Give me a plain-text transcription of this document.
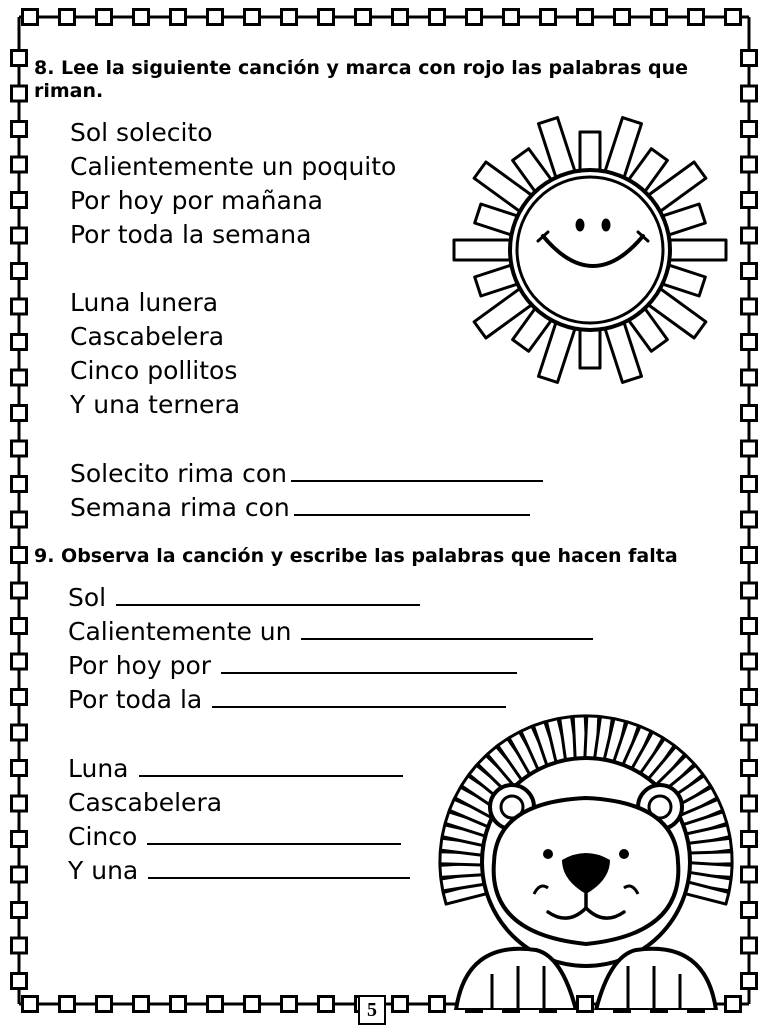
8. Lee la siguiente canción y marca con rojo las palabras que riman.

Sol solecito

Calientemente un poquito

Por hoy por mañana

Por toda la semana

Luna lunera

Cascabelera

Cinco pollitos

Y una ternera

Solecito rima con

Semana rima con

9. Observa la canción y escribe las palabras que hacen falta

Sol

Calientemente un

Por hoy por

Por toda la

Luna

Cascabelera

Cinco

Y una

5
